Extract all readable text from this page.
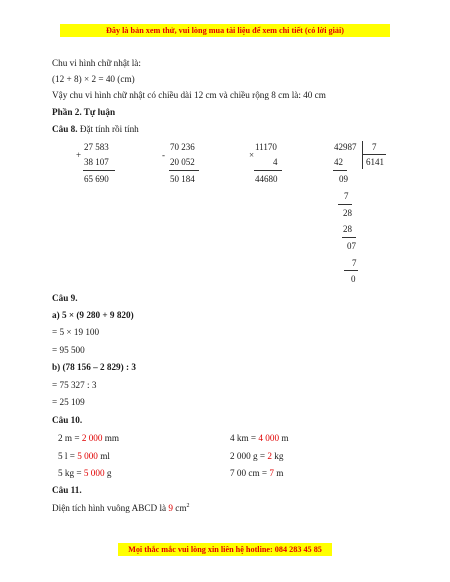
Đây là bản xem thử, vui lòng mua tài liệu để xem chi tiết (có lời giải)
Chu vi hình chữ nhật là:
(12 + 8) × 2 = 40 (cm)
Vậy chu vi hình chữ nhật có chiều dài 12 cm và chiều rộng 8 cm là: 40 cm
Phần 2. Tự luận
Câu 8. Đặt tính rồi tính
27 583
+
38 107
65 690
70 236
-
20 052
50 184
11170
×
4
44680
42987 7
6141
42
09
7
28
28
07
7
0
Câu 9.
a) 5 × (9 280 + 9 820)
= 5 × 19 100
= 95 500
b) (78 156 – 2 829) : 3
= 75 327 : 3
= 25 109
Câu 10.
2 m = 2 000 mm	4 km = 4 000 m
5 l = 5 000 ml	2 000 g = 2 kg
5 kg = 5 000 g	7 00 cm = 7 m
Câu 11.
Diện tích hình vuông ABCD là 9 $cm^2$
Mọi thắc mắc vui lòng xin liên hệ hotline: 084 283 45 85
